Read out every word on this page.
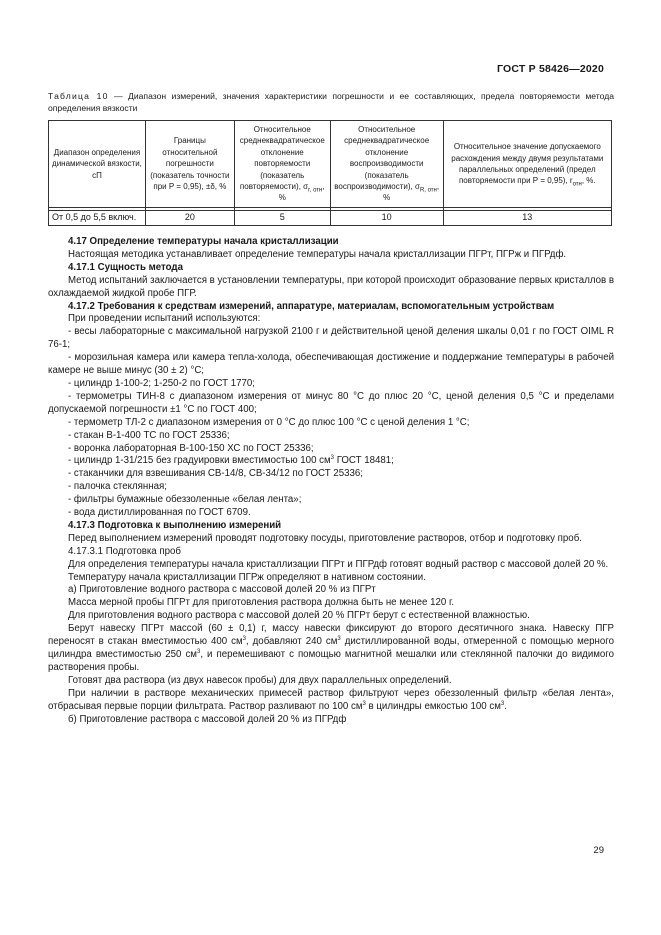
ГОСТ Р 58426—2020
Таблица 10 — Диапазон измерений, значения характеристики погрешности и ее составляющих, предела повторяемости метода определения вязкости
Диапазон определения динамической вязкости, сП	Границы относительной погрешности (показатель точности при Р = 0,95), ±δ, %	Относительное среднеквадратическое отклонение повторяемости (показатель повторяемости), $\sigma_{r, отн}$, %	Относительное среднеквадратическое отклонение воспроизводимости (показатель воспроизводимости), $\sigma_{R, отн}$, %	Относительное значение допускаемого расхождения между двумя результатами параллельных определений (предел повторяемости при Р = 0,95), $r_{отн}$, %.

От 0,5 до 5,5 включ.	20	5	10	13

4.17 Определение температуры начала кристаллизации

Настоящая методика устанавливает определение температуры начала кристаллизации ПГРт, ПГРж и ПГРдф.

4.17.1 Сущность метода

Метод испытаний заключается в установлении температуры, при которой происходит образование первых кристаллов в охлаждаемой жидкой пробе ПГР.

4.17.2 Требования к средствам измерений, аппаратуре, материалам, вспомогательным устройствам

При проведении испытаний используются:

- весы лабораторные с максимальной нагрузкой 2100 г и действительной ценой деления шкалы 0,01 г по ГОСТ OIML R 76-1;

- морозильная камера или камера тепла-холода, обеспечивающая достижение и поддержание температуры в рабочей камере не выше минус (30 ± 2) °С;

- цилиндр 1-100-2; 1-250-2 по ГОСТ 1770;

- термометры ТИН-8 с диапазоном измерения от минус 80 °С до плюс 20 °С, ценой деления 0,5 °С и пределами допускаемой погрешности ±1 °С по ГОСТ 400;

- термометр ТЛ-2 с диапазоном измерения от 0 °С до плюс 100 °С с ценой деления 1 °С;

- стакан В-1-400 ТС по ГОСТ 25336;

- воронка лабораторная В-100-150 ХС по ГОСТ 25336;

- цилиндр 1-31/215 без градуировки вместимостью 100 $см^3$ ГОСТ 18481;

- стаканчики для взвешивания СВ-14/8, СВ-34/12 по ГОСТ 25336;

- палочка стеклянная;

- фильтры бумажные обеззоленные «белая лента»;

- вода дистиллированная по ГОСТ 6709.

4.17.3 Подготовка к выполнению измерений

Перед выполнением измерений проводят подготовку посуды, приготовление растворов, отбор и подготовку проб.

4.17.3.1 Подготовка проб

Для определения температуры начала кристаллизации ПГРт и ПГРдф готовят водный раствор с массовой долей 20 %.

Температуру начала кристаллизации ПГРж определяют в нативном состоянии.

а) Приготовление водного раствора с массовой долей 20 % из ПГРт

Масса мерной пробы ПГРт для приготовления раствора должна быть не менее 120 г.

Для приготовления водного раствора с массовой долей 20 % ПГРт берут с естественной влажностью.

Берут навеску ПГРт массой (60 ± 0,1) г, массу навески фиксируют до второго десятичного знака. Навеску ПГР переносят в стакан вместимостью 400 $см^3$, добавляют 240 $см^3$ дистиллированной воды, отмеренной с помощью мерного цилиндра вместимостью 250 $см^3$, и перемешивают с помощью магнитной мешалки или стеклянной палочки до видимого растворения пробы.

Готовят два раствора (из двух навесок пробы) для двух параллельных определений.

При наличии в растворе механических примесей раствор фильтруют через обеззоленный фильтр «белая лента», отбрасывая первые порции фильтрата. Раствор разливают по 100 $см^3$ в цилиндры емкостью 100 $см^3$.

б) Приготовление раствора с массовой долей 20 % из ПГРдф

29
